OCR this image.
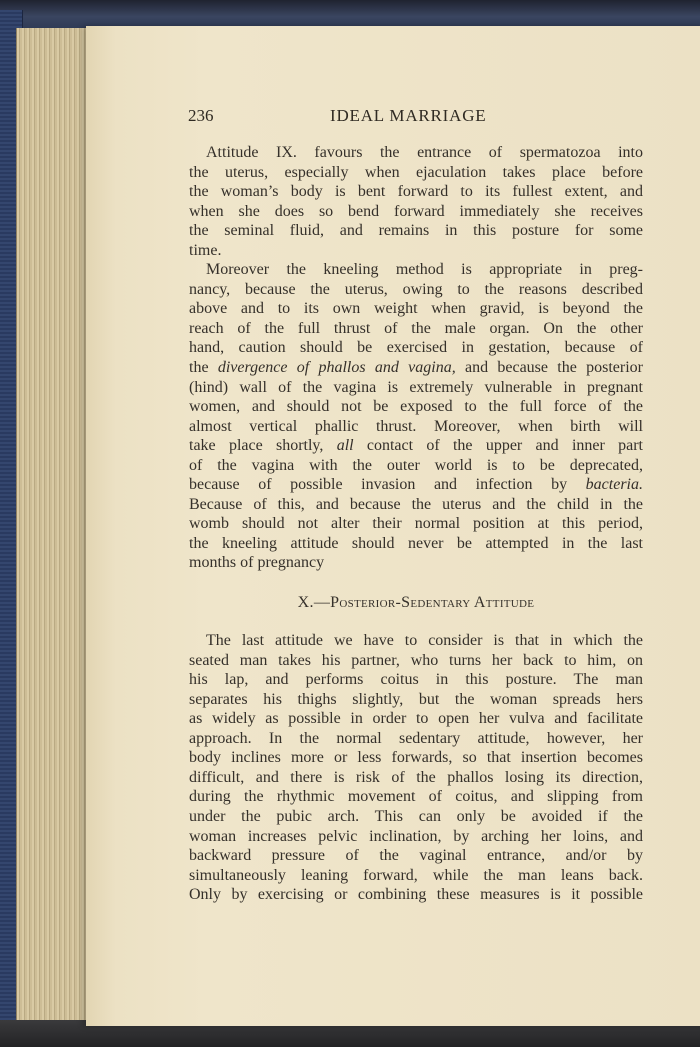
236	IDEAL MARRIAGE
Attitude IX. favours the entrance of spermatozoa into
the uterus, especially when ejaculation takes place before
the woman’s body is bent forward to its fullest extent, and
when she does so bend forward immediately she receives
the seminal fluid, and remains in this posture for some
time.
Moreover the kneeling method is appropriate in preg-
nancy, because the uterus, owing to the reasons described
above and to its own weight when gravid, is beyond the
reach of the full thrust of the male organ. On the other
hand, caution should be exercised in gestation, because of
the divergence of phallos and vagina, and because the posterior
(hind) wall of the vagina is extremely vulnerable in pregnant
women, and should not be exposed to the full force of the
almost vertical phallic thrust. Moreover, when birth will
take place shortly, all contact of the upper and inner part
of the vagina with the outer world is to be deprecated,
because of possible invasion and infection by bacteria.
Because of this, and because the uterus and the child in the
womb should not alter their normal position at this period,
the kneeling attitude should never be attempted in the last
months of pregnancy
X.—Posterior-Sedentary Attitude
The last attitude we have to consider is that in which the
seated man takes his partner, who turns her back to him, on
his lap, and performs coitus in this posture. The man
separates his thighs slightly, but the woman spreads hers
as widely as possible in order to open her vulva and facilitate
approach. In the normal sedentary attitude, however, her
body inclines more or less forwards, so that insertion becomes
difficult, and there is risk of the phallos losing its direction,
during the rhythmic movement of coitus, and slipping from
under the pubic arch. This can only be avoided if the
woman increases pelvic inclination, by arching her loins, and
backward pressure of the vaginal entrance, and/or by
simultaneously leaning forward, while the man leans back.
Only by exercising or combining these measures is it possible
